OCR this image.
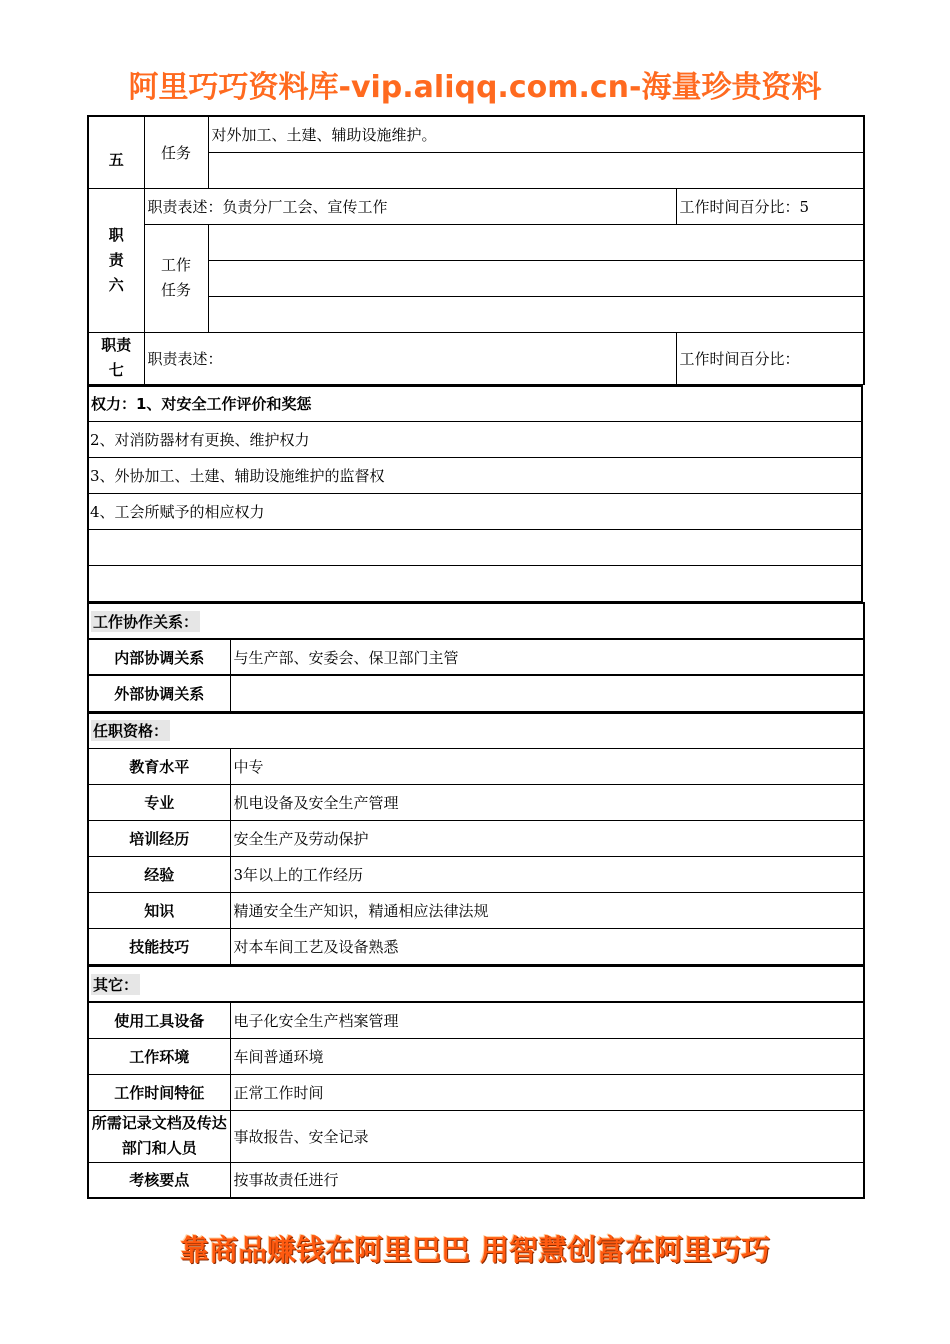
阿里巧巧资料库-vip.aliqq.com.cn-海量珍贵资料
五	任务	对外加工、土建、辅助设施维护。	

职责六	职责表述：负责分厂工会、宣传工作		工作时间百分比：5
	工作任务		

职责七	职责表述：		工作时间百分比：
权力：1、对安全工作评价和奖惩
2、对消防器材有更换、维护权力
3、外协加工、土建、辅助设施维护的监督权
4、工会所赋予的相应权力

工作协作关系：	
内部协调关系	与生产部、安委会、保卫部门主管
外部协调关系	
任职资格：	
教育水平	中专
专业	机电设备及安全生产管理
培训经历	安全生产及劳动保护
经验	3年以上的工作经历
知识	精通安全生产知识，精通相应法律法规
技能技巧	对本车间工艺及设备熟悉
其它：	
使用工具设备	电子化安全生产档案管理
工作环境	车间普通环境
工作时间特征	正常工作时间
所需记录文档及传达部门和人员	事故报告、安全记录
考核要点	按事故责任进行
靠商品赚钱在阿里巴巴 用智慧创富在阿里巧巧
